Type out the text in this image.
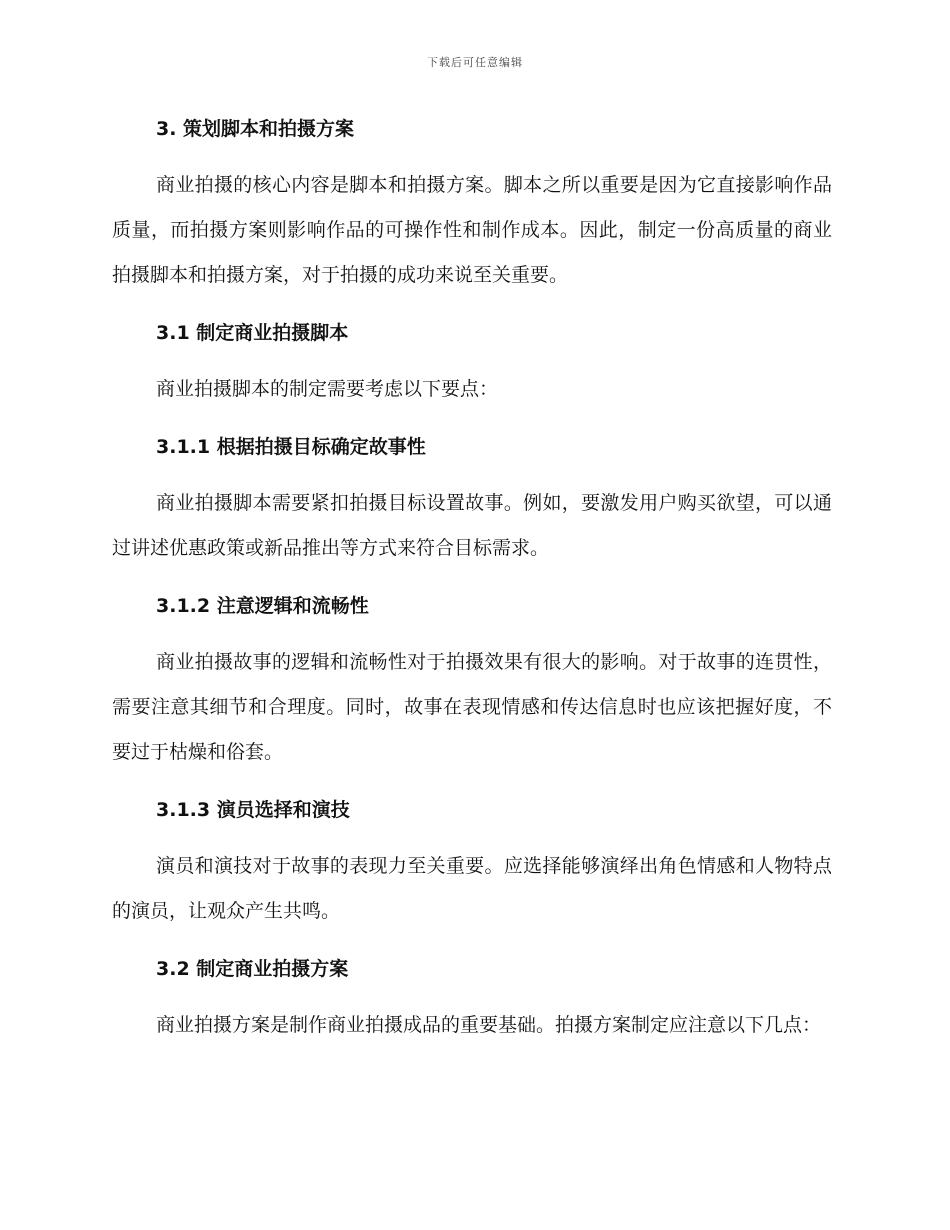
下载后可任意编辑
3. 策划脚本和拍摄方案
商业拍摄的核心内容是脚本和拍摄方案。脚本之所以重要是因为它直接影响作品质量，而拍摄方案则影响作品的可操作性和制作成本。因此，制定一份高质量的商业拍摄脚本和拍摄方案，对于拍摄的成功来说至关重要。
3.1 制定商业拍摄脚本
商业拍摄脚本的制定需要考虑以下要点：
3.1.1 根据拍摄目标确定故事性
商业拍摄脚本需要紧扣拍摄目标设置故事。例如，要激发用户购买欲望，可以通过讲述优惠政策或新品推出等方式来符合目标需求。
3.1.2 注意逻辑和流畅性
商业拍摄故事的逻辑和流畅性对于拍摄效果有很大的影响。对于故事的连贯性，需要注意其细节和合理度。同时，故事在表现情感和传达信息时也应该把握好度，不要过于枯燥和俗套。
3.1.3 演员选择和演技
演员和演技对于故事的表现力至关重要。应选择能够演绎出角色情感和人物特点的演员，让观众产生共鸣。
3.2 制定商业拍摄方案
商业拍摄方案是制作商业拍摄成品的重要基础。拍摄方案制定应注意以下几点：
